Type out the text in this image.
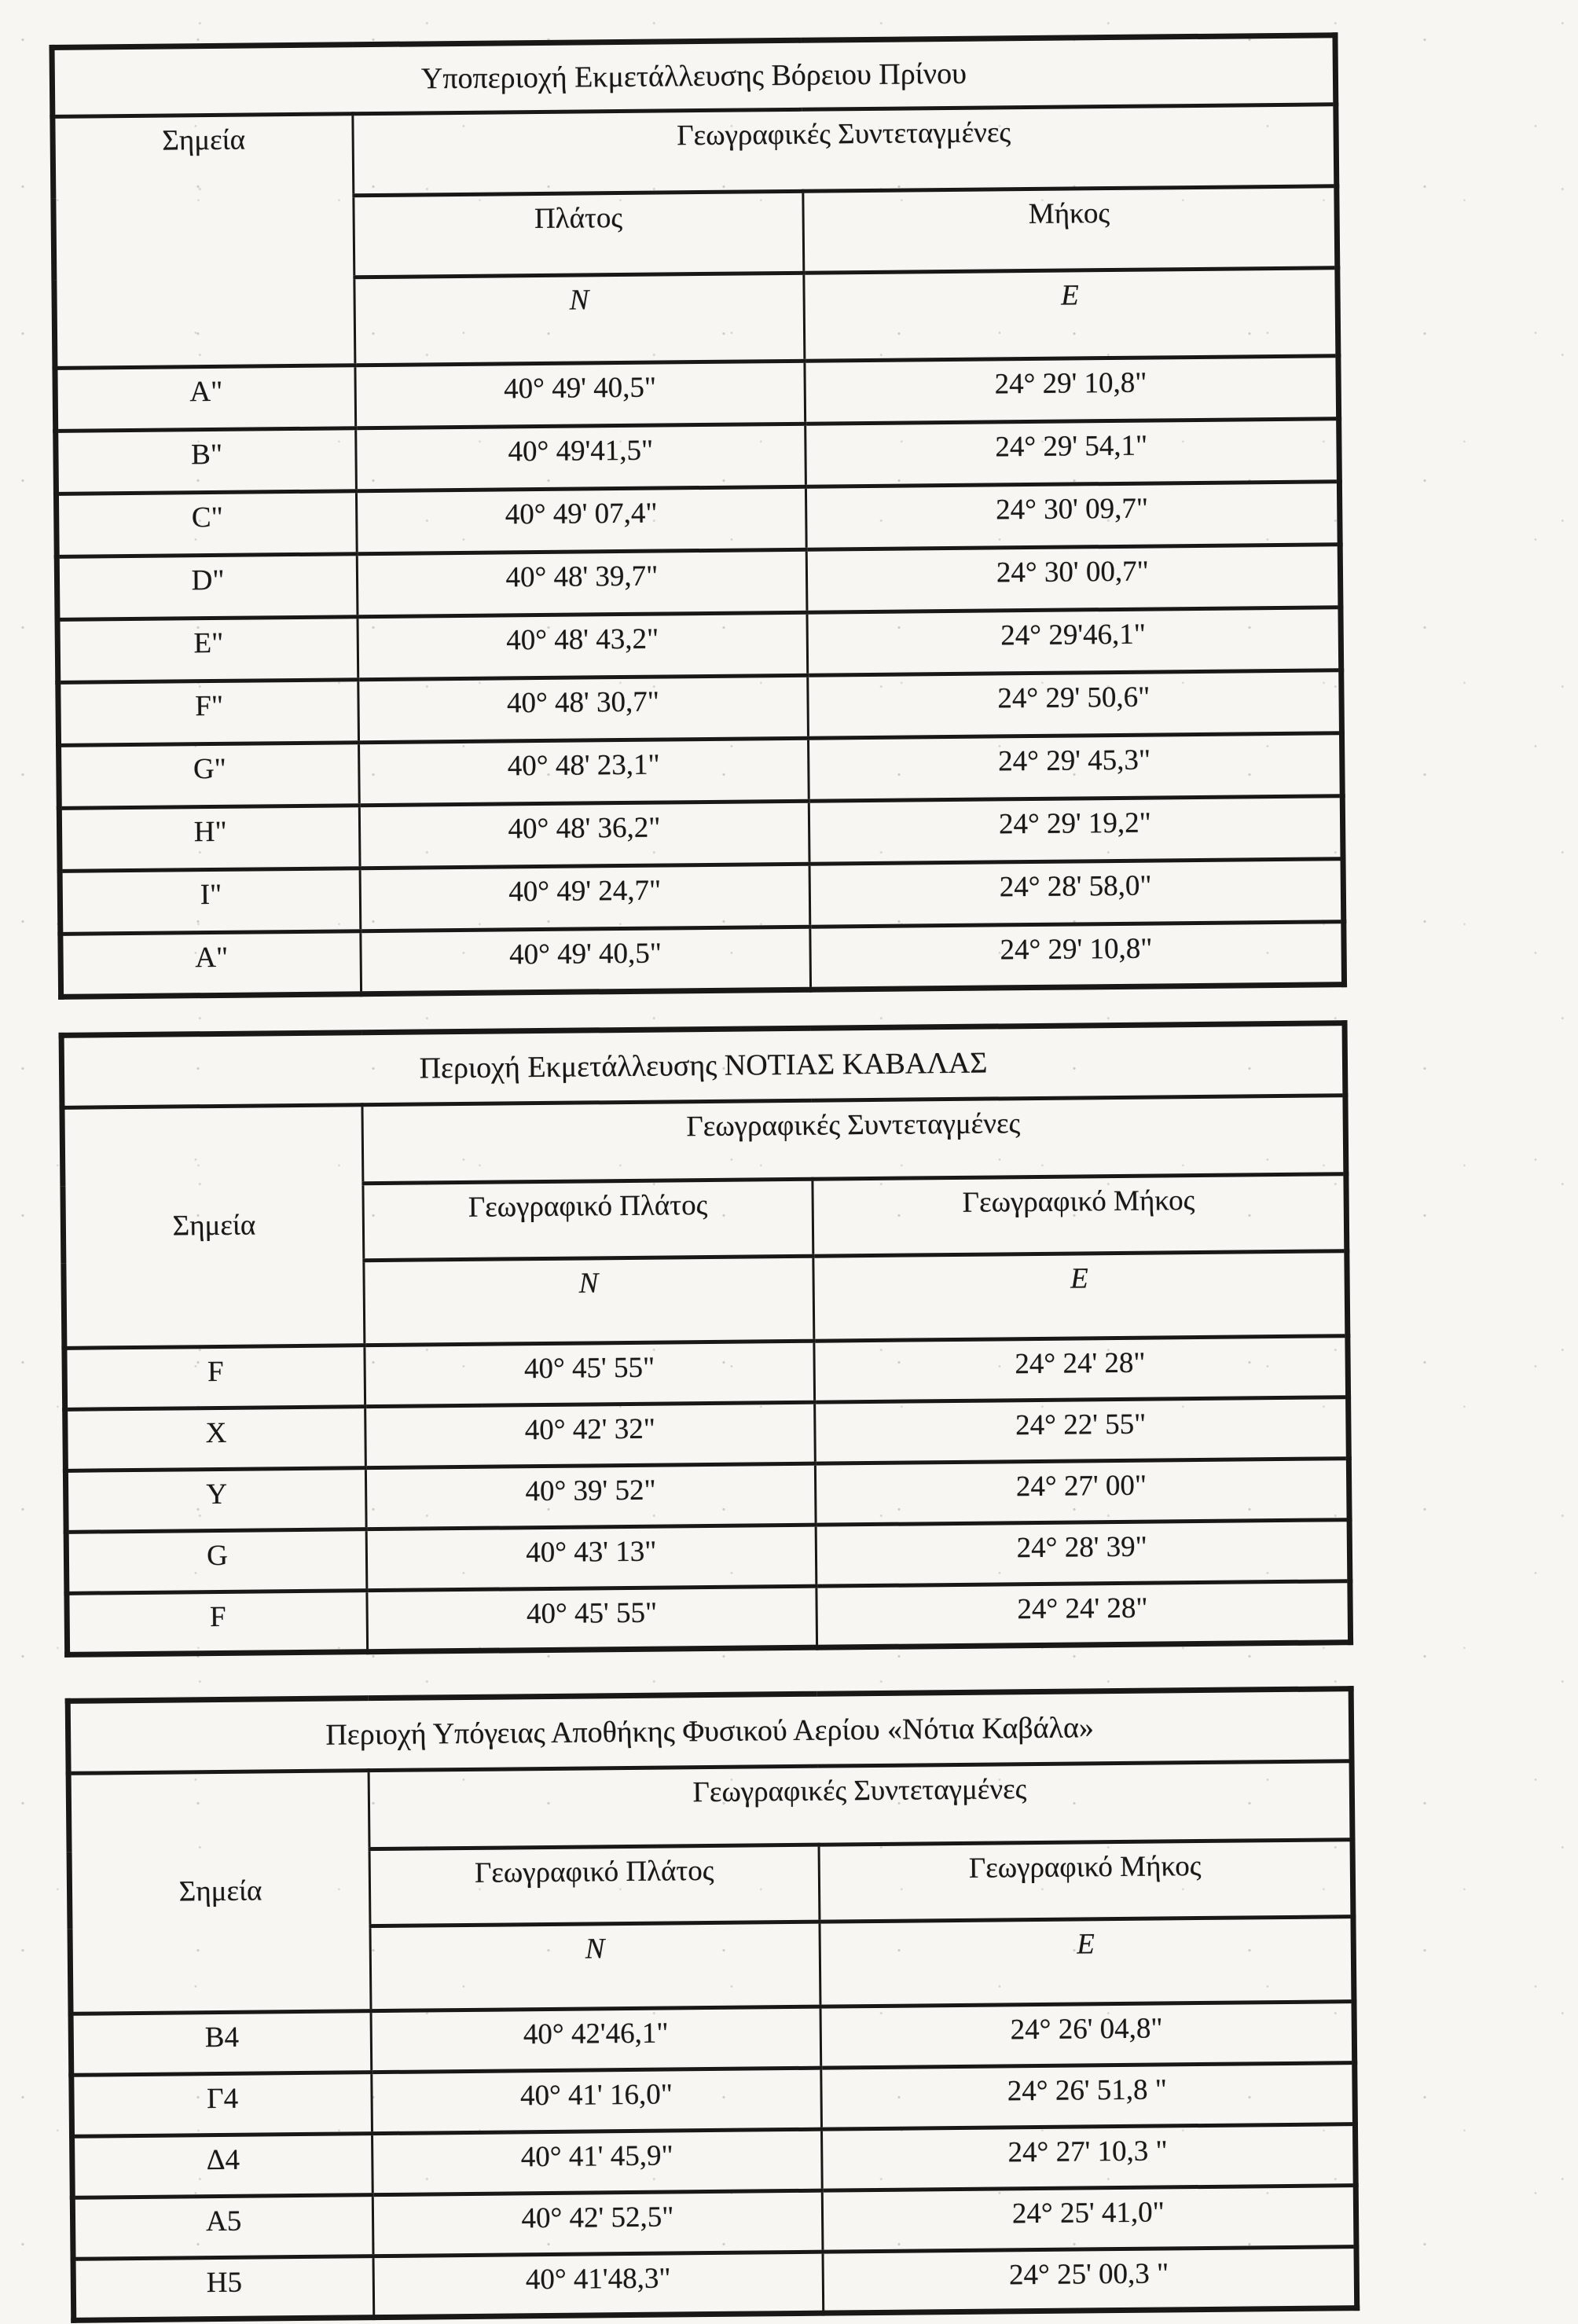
Υποπεριοχή Εκμετάλλευσης Βόρειου Πρίνου		
Σημεία	Γεωγραφικές Συντεταγμένες	
	Πλάτος	Μήκος
	N	E
A"	40° 49' 40,5"	24° 29' 10,8"
B"	40° 49'41,5"	24° 29' 54,1"
C"	40° 49' 07,4"	24° 30' 09,7"
D"	40° 48' 39,7"	24° 30' 00,7"
E"	40° 48' 43,2"	24° 29'46,1"
F"	40° 48' 30,7"	24° 29' 50,6"
G"	40° 48' 23,1"	24° 29' 45,3"
H"	40° 48' 36,2"	24° 29' 19,2"
I"	40° 49' 24,7"	24° 28' 58,0"
A"	40° 49' 40,5"	24° 29' 10,8"
Περιοχή Εκμετάλλευσης ΝΟΤΙΑΣ ΚΑΒΑΛΑΣ		
Σημεία	Γεωγραφικές Συντεταγμένες	
	Γεωγραφικό Πλάτος	Γεωγραφικό Μήκος
	N	E
F	40° 45' 55"	24° 24' 28"
X	40° 42' 32"	24° 22' 55"
Y	40° 39' 52"	24° 27' 00"
G	40° 43' 13"	24° 28' 39"
F	40° 45' 55"	24° 24' 28"
Περιοχή Υπόγειας Αποθήκης Φυσικού Αερίου «Νότια Καβάλα»		
Σημεία	Γεωγραφικές Συντεταγμένες	
	Γεωγραφικό Πλάτος	Γεωγραφικό Μήκος
	N	E
B4	40° 42'46,1"	24° 26' 04,8"
Γ4	40° 41' 16,0"	24° 26' 51,8 "
Δ4	40° 41' 45,9"	24° 27' 10,3 "
A5	40° 42' 52,5"	24° 25' 41,0"
H5	40° 41'48,3"	24° 25' 00,3 "
